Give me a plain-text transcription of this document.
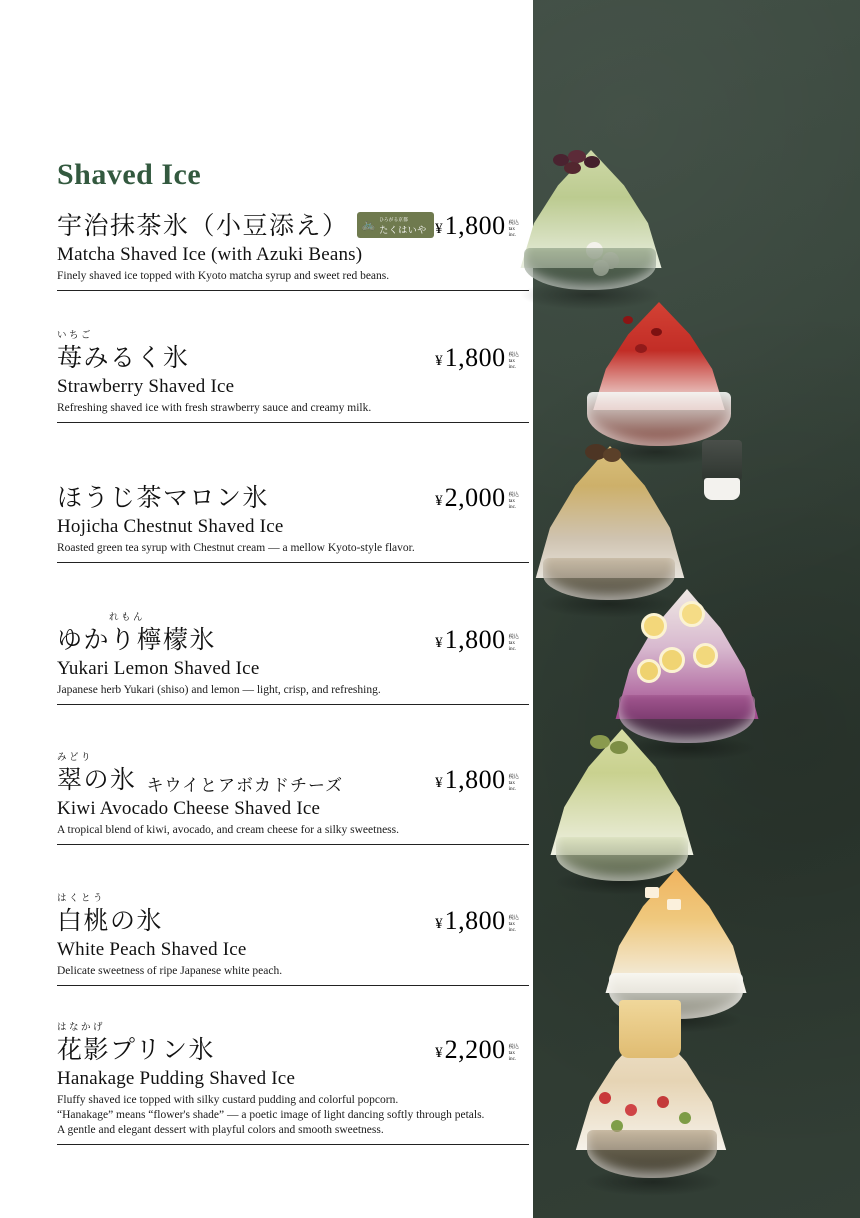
Shaved Ice
宇治抹茶氷（小豆添え） 🚲 ひろがる京都
たくはいや ¥ 1,800 税込
tax
inc.
Matcha Shaved Ice (with Azuki Beans)
Finely shaved ice topped with Kyoto matcha syrup and sweet red beans.
いちご
苺みるく氷	¥ 1,800 税込
tax
inc.
Strawberry Shaved Ice
Refreshing shaved ice with fresh strawberry sauce and creamy milk.
ほうじ茶マロン氷	¥ 2,000 税込
tax
inc.
Hojicha Chestnut Shaved Ice
Roasted green tea syrup with Chestnut cream — a mellow Kyoto-style flavor.
れもん
ゆかり檸檬氷	¥ 1,800 税込
tax
inc.
Yukari Lemon Shaved Ice
Japanese herb Yukari (shiso) and lemon — light, crisp, and refreshing.
みどり
翠の氷 キウイとアボカドチーズ	¥ 1,800 税込
tax
inc.
Kiwi Avocado Cheese Shaved Ice
A tropical blend of kiwi, avocado, and cream cheese for a silky sweetness.
はくとう
白桃の氷	¥ 1,800 税込
tax
inc.
White Peach Shaved Ice
Delicate sweetness of ripe Japanese white peach.
はなかげ
花影プリン氷	¥ 2,200 税込
tax
inc.
Hanakage Pudding Shaved Ice
Fluffy shaved ice topped with silky custard pudding and colorful popcorn.
“Hanakage” means “flower's shade” — a poetic image of light dancing softly through petals.
A gentle and elegant dessert with playful colors and smooth sweetness.
